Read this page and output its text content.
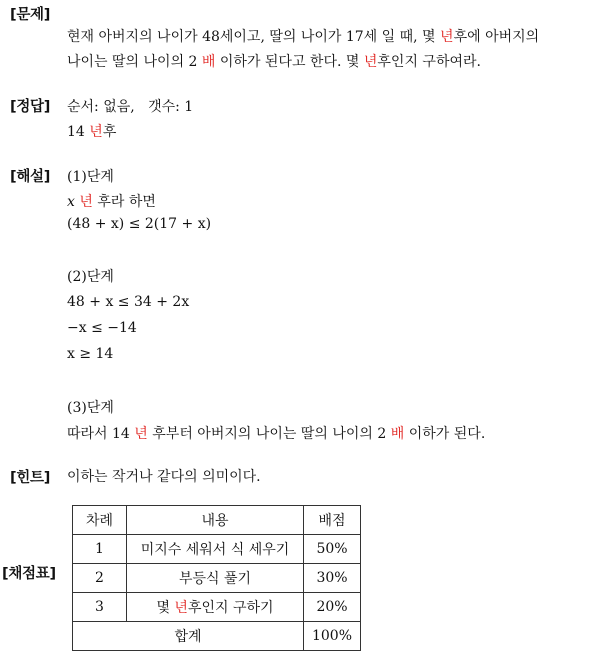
[문제]
현재 아버지의 나이가 48세이고, 딸의 나이가 17세 일 때, 몇 년후에 아버지의
나이는 딸의 나이의 2 배 이하가 된다고 한다. 몇 년후인지 구하여라.
[정답] 순서: 없음,   갯수: 1
14 년후
[해설] (1)단계
x 년 후라 하면
(48 + x) ≤ 2(17 + x)
(2)단계
48 + x ≤ 34 + 2x
−x ≤ −14
x ≥ 14
(3)단계
따라서 14 년 후부터 아버지의 나이는 딸의 나이의 2 배 이하가 된다.
[힌트] 이하는 작거나 같다의 의미이다.
[채점표]
차례	내용	배점
1	미지수 세워서 식 세우기	50%
2	부등식 풀기	30%
3	몇 년후인지 구하기	20%
합계		100%
